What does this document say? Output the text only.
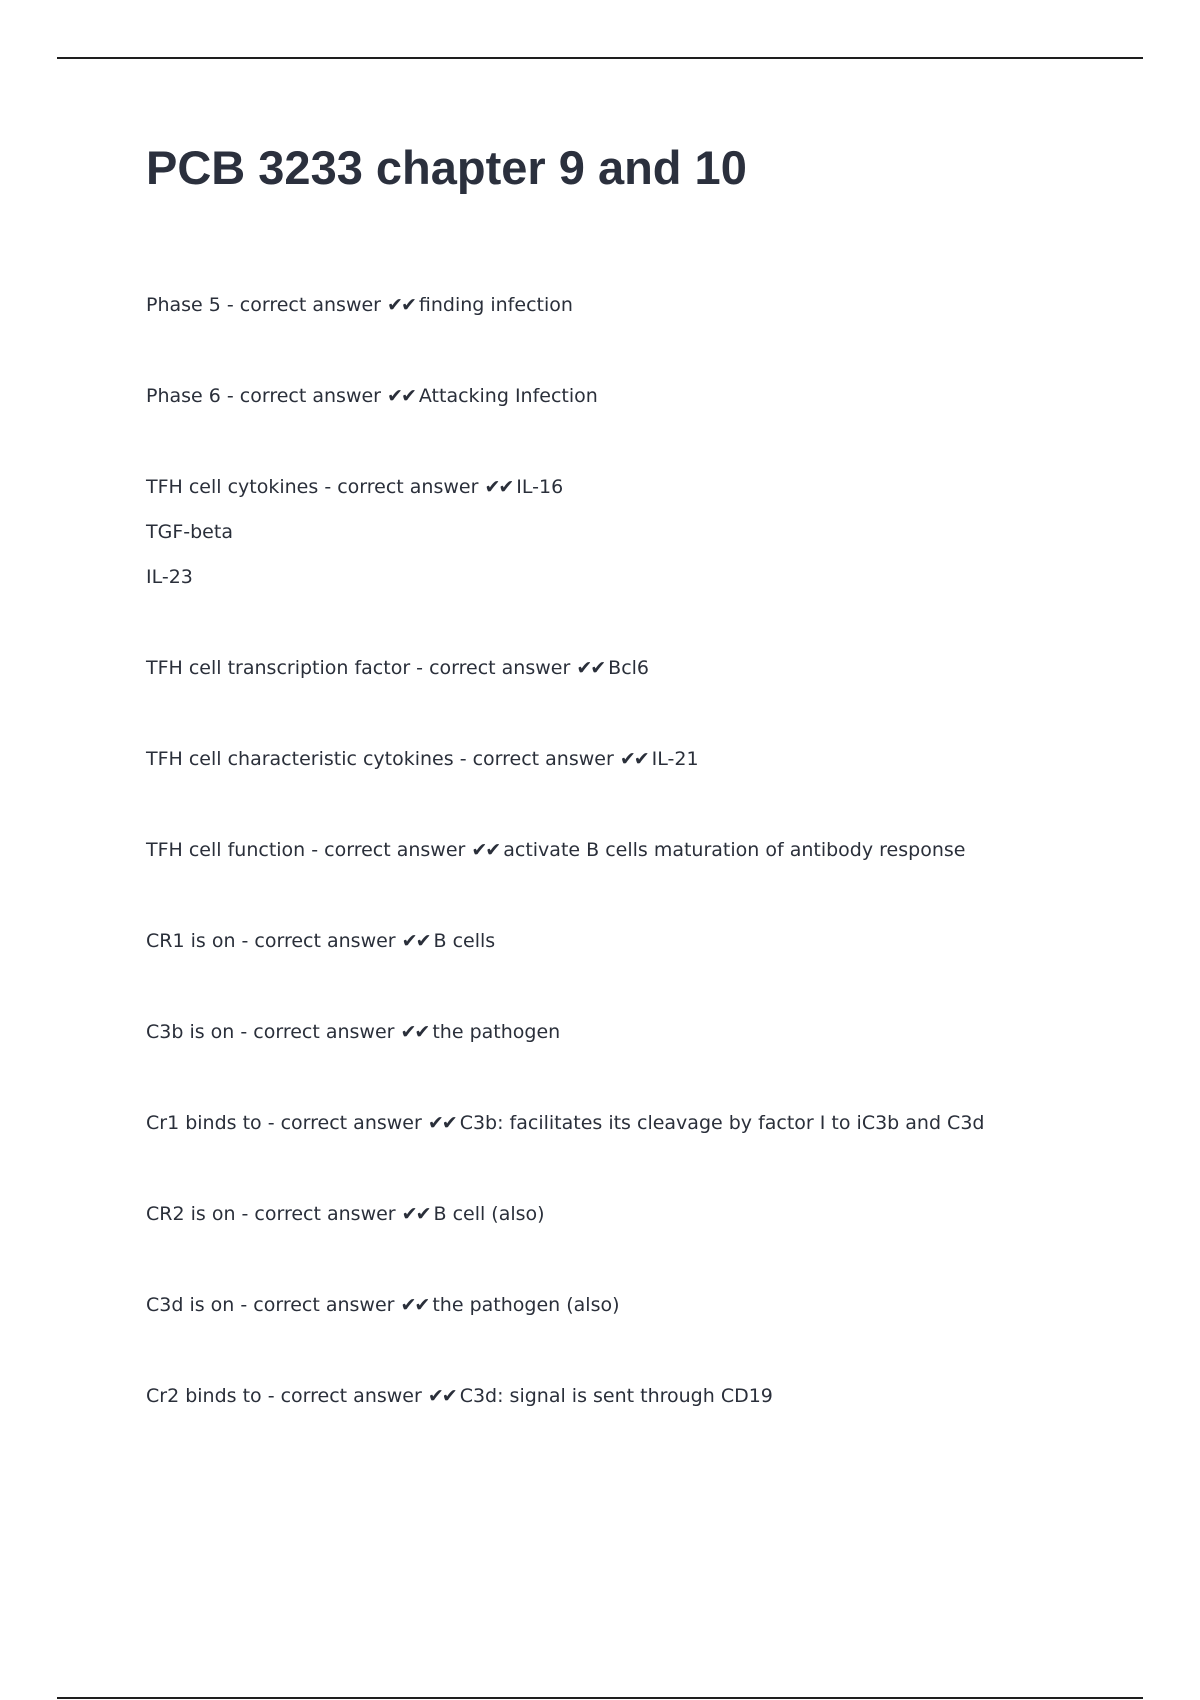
PCB 3233 chapter 9 and 10

Phase 5 - correct answer ✔✔ finding infection

Phase 6 - correct answer ✔✔ Attacking Infection

TFH cell cytokines - correct answer ✔✔ IL-16
TGF-beta
IL-23

TFH cell transcription factor - correct answer ✔✔ Bcl6

TFH cell characteristic cytokines - correct answer ✔✔ IL-21

TFH cell function - correct answer ✔✔ activate B cells maturation of antibody response

CR1 is on - correct answer ✔✔ B cells

C3b is on - correct answer ✔✔ the pathogen

Cr1 binds to - correct answer ✔✔ C3b: facilitates its cleavage by factor I to iC3b and C3d

CR2 is on - correct answer ✔✔ B cell (also)

C3d is on - correct answer ✔✔ the pathogen (also)

Cr2 binds to - correct answer ✔✔ C3d: signal is sent through CD19
